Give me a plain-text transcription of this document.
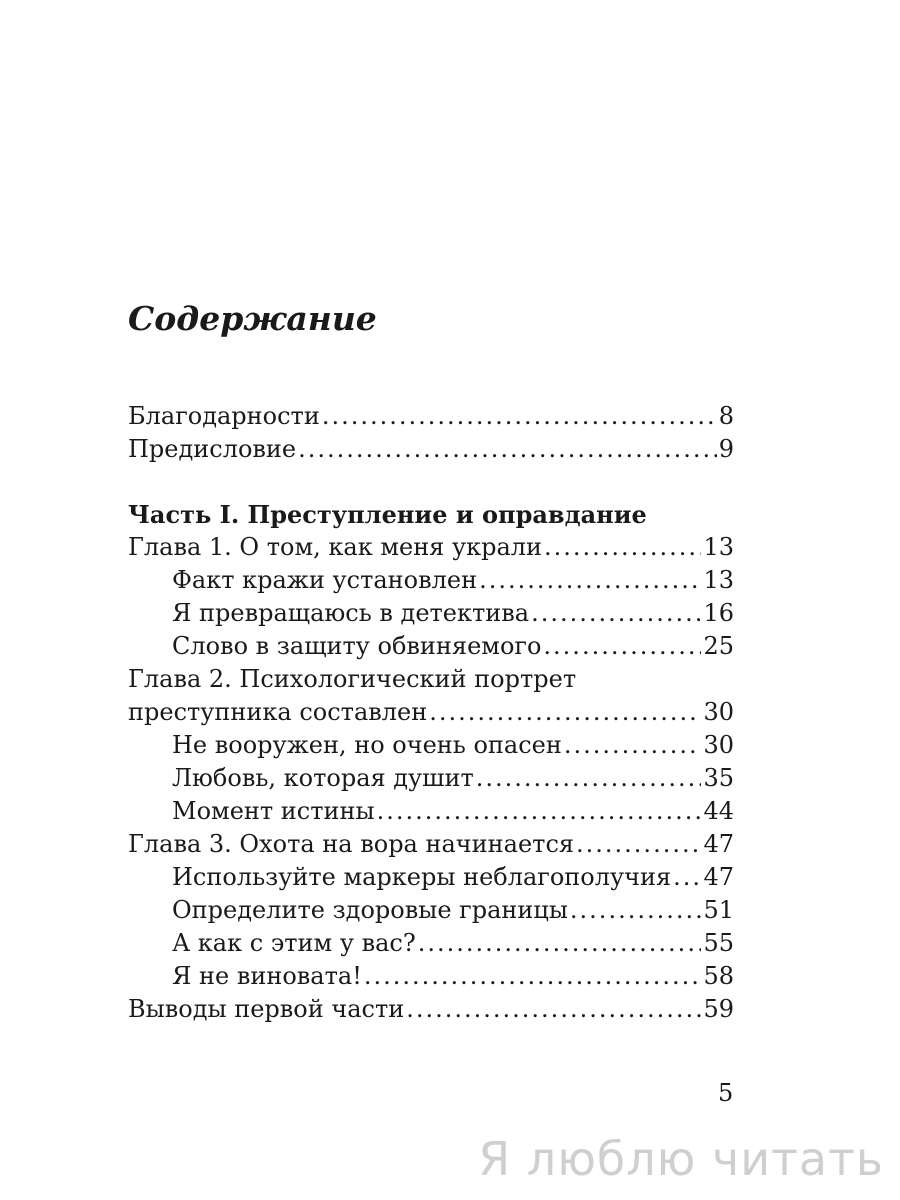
Содержание
Благодарности .....	8
Предисловие .....	9
Часть I. Преступление и оправдание
Глава 1. О том, как меня украли .....	13
Факт кражи установлен .....	13
Я превращаюсь в детектива .....	16
Слово в защиту обвиняемого .....	25
Глава 2. Психологический портрет
преступника составлен .....	30
Не вооружен, но очень опасен .....	30
Любовь, которая душит .....	35
Момент истины .....	44
Глава 3. Охота на вора начинается .....	47
Используйте маркеры неблагополучия ..... 47
Определите здоровые границы .....	51
А как с этим у вас? .....	55
Я не виновата! .....	58
Выводы первой части .....	59
5
Я люблю читать
